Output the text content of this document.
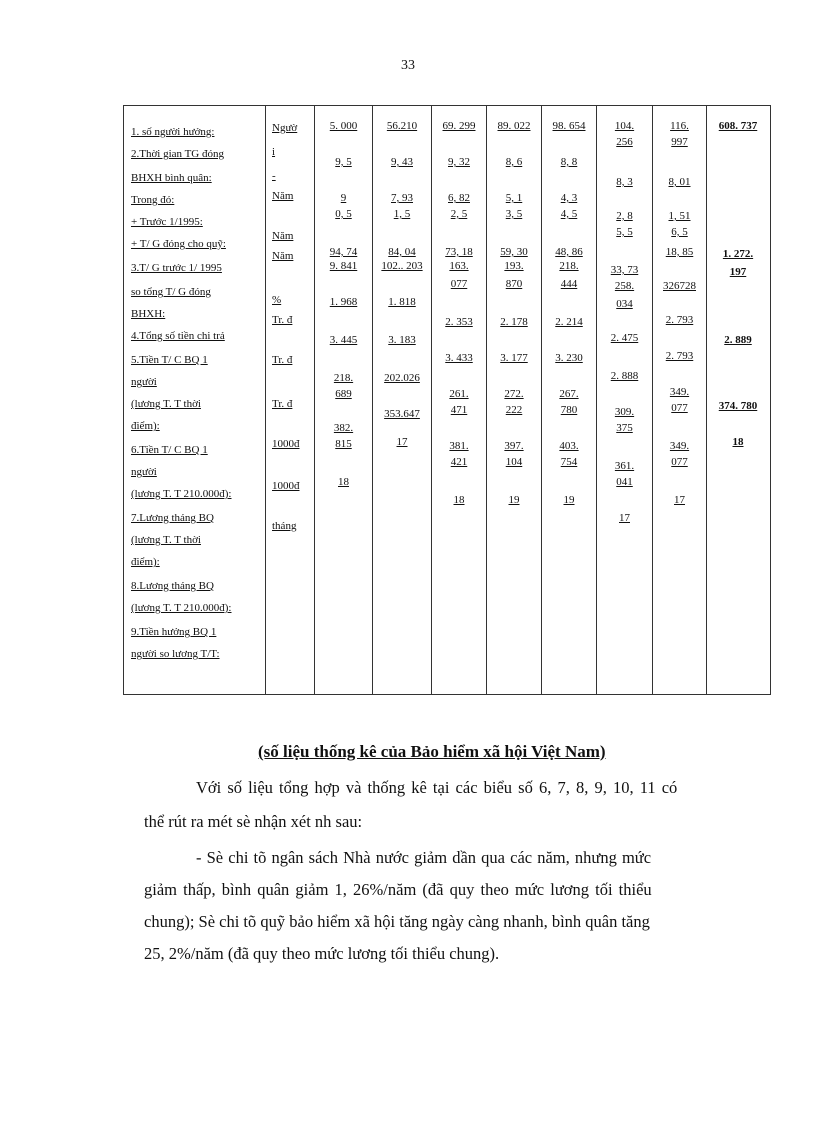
33
1. số người hưởng:
2.Thời gian TG đóng
BHXH bình quân:
Trong đó:
+ Trước 1/1995:
+ T/ G đóng cho quỹ:
3.T/ G trước 1/ 1995
so tổng T/ G đóng
BHXH:
4.Tổng số tiền chi trả
5.Tiền T/ C BQ 1
người
(lương T. T thời
điểm):
6.Tiền T/ C BQ 1
người
(lương T. T 210.000đ):
7.Lương tháng BQ
(lương T. T thời
điểm):
8.Lương tháng BQ
(lương T. T 210.000đ):
9.Tiền hưởng BQ 1
người so lương T/T:
Ngườ
i
-
Năm
Năm
Năm
%
Tr. đ
Tr. đ
Tr. đ
1000đ
1000đ
tháng
5. 000
9, 5
9
0, 5
94, 74
9. 841
1. 968
3. 445
218.
689
382.
815
18
56.210
9, 43
7, 93
1, 5
84, 04
102.. 203
1. 818
3. 183
202.026
353.647
17
69. 299
9, 32
6, 82
2, 5
73, 18
163.
077
2. 353
3. 433
261.
471
381.
421
18
89. 022
8, 6
5, 1
3, 5
59, 30
193.
870
2. 178
3. 177
272.
222
397.
104
19
98. 654
8, 8
4, 3
4, 5
48, 86
218.
444
2. 214
3. 230
267.
780
403.
754
19
104.
256
8, 3
2, 8
5, 5
33, 73
258.
034
2. 475
2. 888
309.
375
361.
041
17
116.
997
8, 01
1, 51
6, 5
18, 85
326728
2. 793
2. 793
349.
077
349.
077
17
608. 737
1. 272.
197
2. 889
374. 780
18
(số liệu thống kê của Bảo hiểm xã hội Việt Nam)
Với số liệu tổng hợp và thống kê tại các biểu số 6, 7, 8, 9, 10, 11 có
thể rút ra mét sè nhận xét nh sau:
- Sè chi tõ ngân sách Nhà nước giảm dần qua các năm, nhưng mức
giảm thấp, bình quân giảm 1, 26%/năm (đã quy theo mức lương tối thiểu
chung); Sè chi tõ quỹ bảo hiểm xã hội tăng ngày càng nhanh, bình quân tăng
25, 2%/năm (đã quy theo mức lương tối thiểu chung).
